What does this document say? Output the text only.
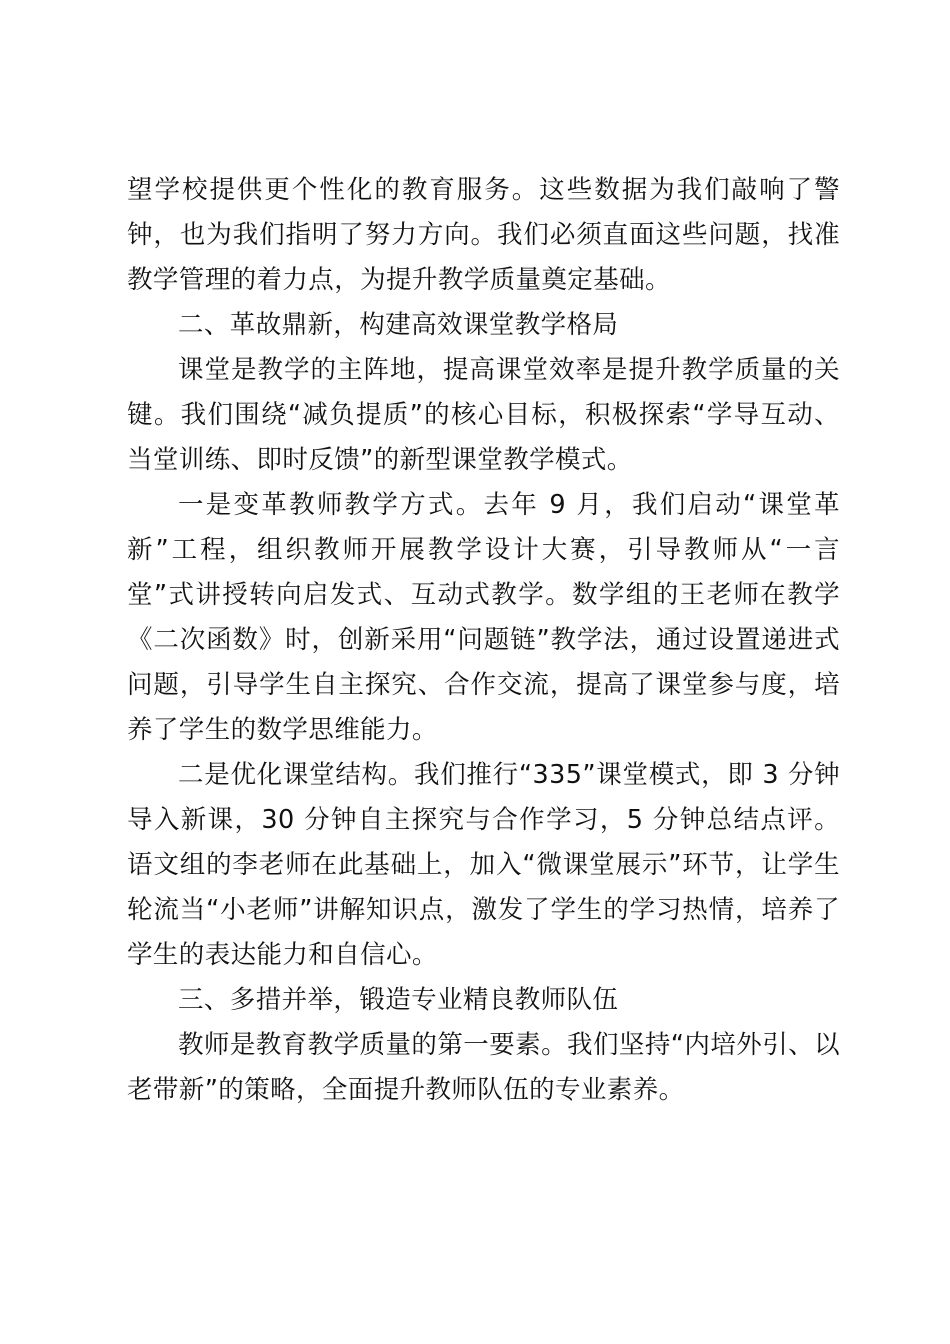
望学校提供更个性化的教育服务。这些数据为我们敲响了警钟，也为我们指明了努力方向。我们必须直面这些问题，找准教学管理的着力点，为提升教学质量奠定基础。

二、革故鼎新，构建高效课堂教学格局

课堂是教学的主阵地，提高课堂效率是提升教学质量的关键。我们围绕“减负提质”的核心目标，积极探索“学导互动、当堂训练、即时反馈”的新型课堂教学模式。

一是变革教师教学方式。去年 9 月，我们启动“课堂革新”工程，组织教师开展教学设计大赛，引导教师从“一言堂”式讲授转向启发式、互动式教学。数学组的王老师在教学《二次函数》时，创新采用“问题链”教学法，通过设置递进式问题，引导学生自主探究、合作交流，提高了课堂参与度，培养了学生的数学思维能力。

二是优化课堂结构。我们推行“335”课堂模式，即 3 分钟导入新课，30 分钟自主探究与合作学习，5 分钟总结点评。语文组的李老师在此基础上，加入“微课堂展示”环节，让学生轮流当“小老师”讲解知识点，激发了学生的学习热情，培养了学生的表达能力和自信心。

三、多措并举，锻造专业精良教师队伍

教师是教育教学质量的第一要素。我们坚持“内培外引、以老带新”的策略，全面提升教师队伍的专业素养。
